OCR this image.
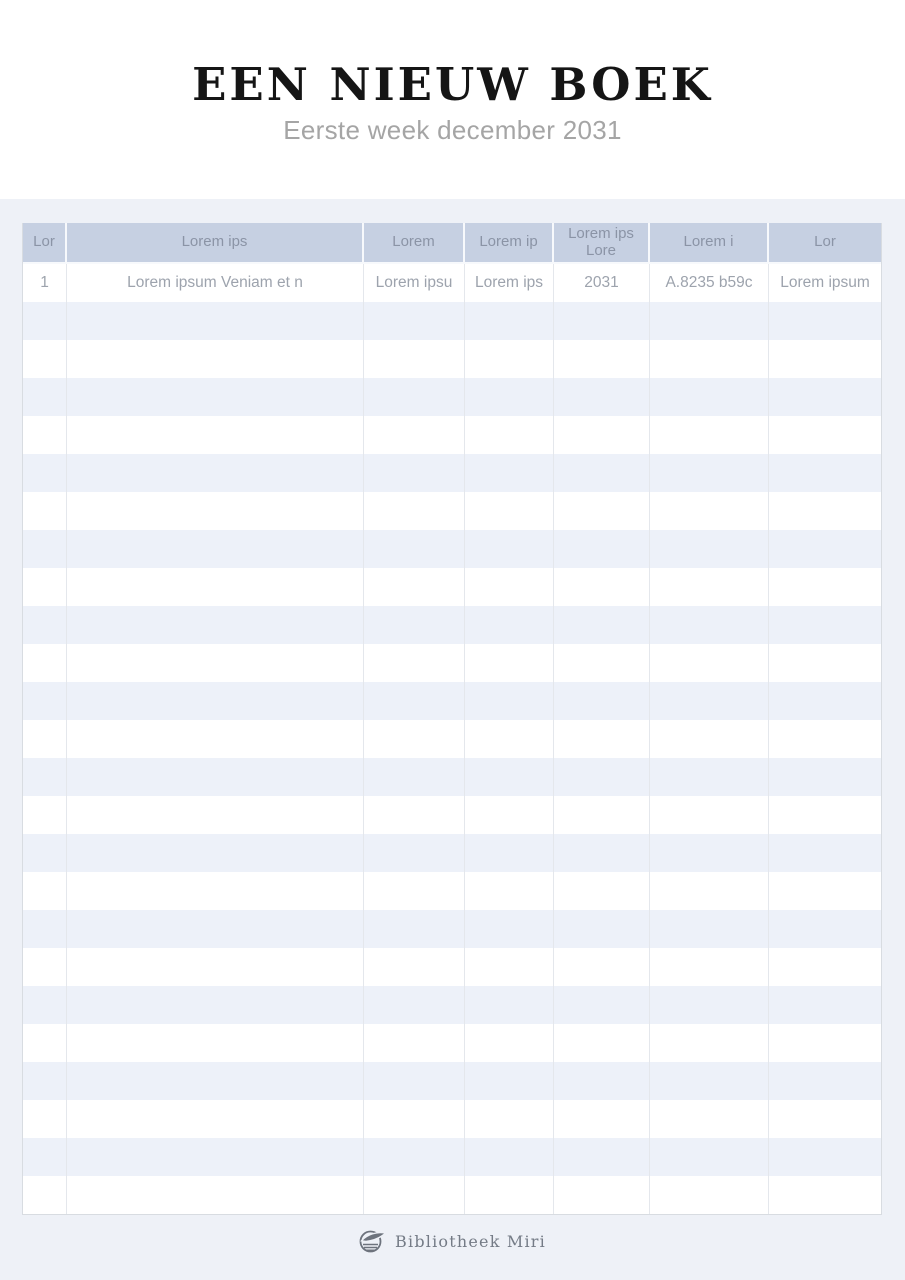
EEN NIEUW BOEK
Eerste week december 2031
Lor	Lorem ips	Lorem	Lorem ip	Lorem ips Lore	Lorem i	Lor
1	Lorem ipsum Veniam et n	Lorem ipsu	Lorem ips	2031	A.8235 b59c	Lorem ipsum

Bibliotheek Miri
